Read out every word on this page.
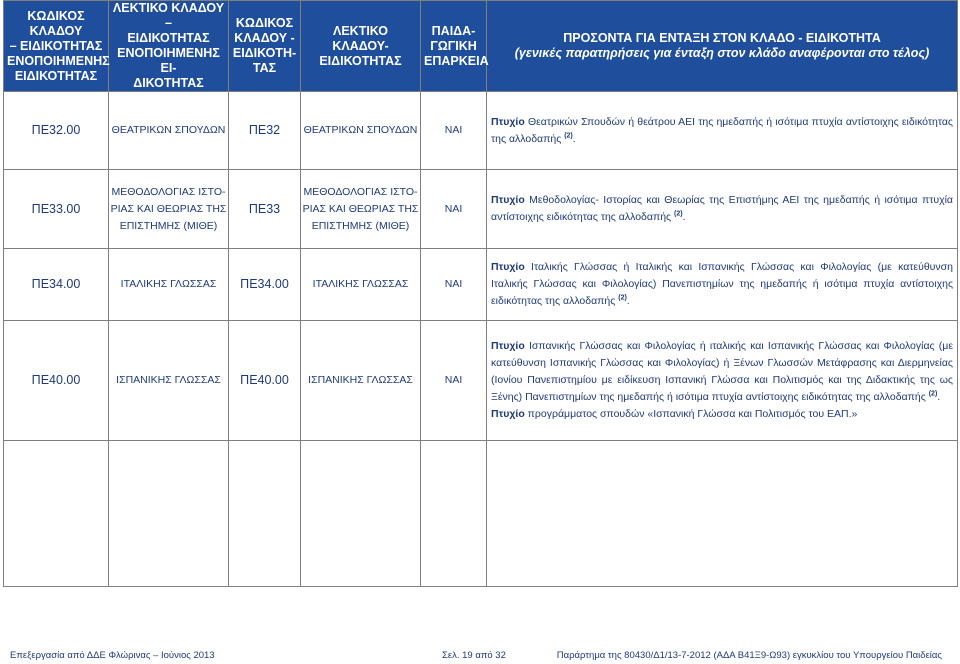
ΚΩΔΙΚΟΣ ΚΛΑΔΟΥ
– ΕΙΔΙΚΟΤΗΤΑΣ
ΕΝΟΠΟΙΗΜΕΝΗΣ
ΕΙΔΙΚΟΤΗΤΑΣ	ΛΕΚΤΙΚΟ ΚΛΑΔΟΥ –
ΕΙΔΙΚΟΤΗΤΑΣ
ΕΝΟΠΟΙΗΜΕΝΗΣ ΕΙ-
ΔΙΚΟΤΗΤΑΣ	ΚΩΔΙΚΟΣ
ΚΛΑΔΟΥ -
ΕΙΔΙΚΟΤΗ-
ΤΑΣ	ΛΕΚΤΙΚΟ
ΚΛΑΔΟΥ-
ΕΙΔΙΚΟΤΗΤΑΣ	ΠΑΙΔΑ-
ΓΩΓΙΚΗ
ΕΠΑΡΚΕΙΑ	ΠΡΟΣΟΝΤΑ ΓΙΑ ΕΝΤΑΞΗ ΣΤΟΝ ΚΛΑΔΟ - ΕΙΔΙΚΟΤΗΤΑ
(γενικές παρατηρήσεις για ένταξη στον κλάδο αναφέρονται στο τέλος)

ΠΕ32.00	ΘΕΑΤΡΙΚΩΝ ΣΠΟΥΔΩΝ	ΠΕ32	ΘΕΑΤΡΙΚΩΝ ΣΠΟΥΔΩΝ	ΝΑΙ	Πτυχίο Θεατρικών Σπουδών ή θεάτρου ΑΕΙ της ημεδαπής ή ισότιμα πτυχία αντίστοιχης ειδικότητας της αλλοδαπής $^{(2)}$.
ΠΕ33.00	ΜΕΘΟΔΟΛΟΓΙΑΣ ΙΣΤΟ-ΡΙΑΣ ΚΑΙ ΘΕΩΡΙΑΣ ΤΗΣ ΕΠΙΣΤΗΜΗΣ (ΜΙΘΕ)	ΠΕ33	ΜΕΘΟΔΟΛΟΓΙΑΣ ΙΣΤΟ-ΡΙΑΣ ΚΑΙ ΘΕΩΡΙΑΣ ΤΗΣ ΕΠΙΣΤΗΜΗΣ (ΜΙΘΕ)	ΝΑΙ	Πτυχίο Μεθοδολογίας- Ιστορίας και Θεωρίας της Επιστήμης ΑΕΙ της ημεδαπής ή ισότιμα πτυχία αντίστοιχης ειδικότητας της αλλοδαπής $^{(2)}$.
ΠΕ34.00	ΙΤΑΛΙΚΗΣ ΓΛΩΣΣΑΣ	ΠΕ34.00	ΙΤΑΛΙΚΗΣ ΓΛΩΣΣΑΣ	ΝΑΙ	Πτυχίο Ιταλικής Γλώσσας ή Ιταλικής και Ισπανικής Γλώσσας και Φιλολογίας (με κατεύθυνση Ιταλικής Γλώσσας και Φιλολογίας) Πανεπιστημίων της ημεδαπής ή ισότιμα πτυχία αντίστοιχης ειδικότητας της αλλοδαπής $^{(2)}$.
ΠΕ40.00	ΙΣΠΑΝΙΚΗΣ ΓΛΩΣΣΑΣ	ΠΕ40.00	ΙΣΠΑΝΙΚΗΣ ΓΛΩΣΣΑΣ	ΝΑΙ	Πτυχίο Ισπανικής Γλώσσας και Φιλολογίας ή ιταλικής και Ισπανικής Γλώσσας και Φιλολογίας (με κατεύθυνση Ισπανικής Γλώσσας και Φιλολογίας) ή Ξένων Γλωσσών Μετάφρασης και Διερμηνείας (Ιονίου Πανεπιστημίου με ειδίκευση Ισπανική Γλώσσα και Πολιτισμός και της Διδακτικής της ως Ξένης) Πανεπιστημίων της ημεδαπής ή ισότιμα πτυχία αντίστοιχης ειδικότητας της αλλοδαπής $^{(2)}$.
Πτυχίο προγράμματος σπουδών «Ισπανική Γλώσσα και Πολιτισμός του ΕΑΠ.»

Επεξεργασία από ΔΔΕ Φλώρινας – Ιούνιος 2013	Σελ. 19 από 32	Παράρτημα της 80430/Δ1/13-7-2012 (ΑΔΑ Β41Ξ9-Ω93) εγκυκλίου του Υπουργείου Παιδείας
